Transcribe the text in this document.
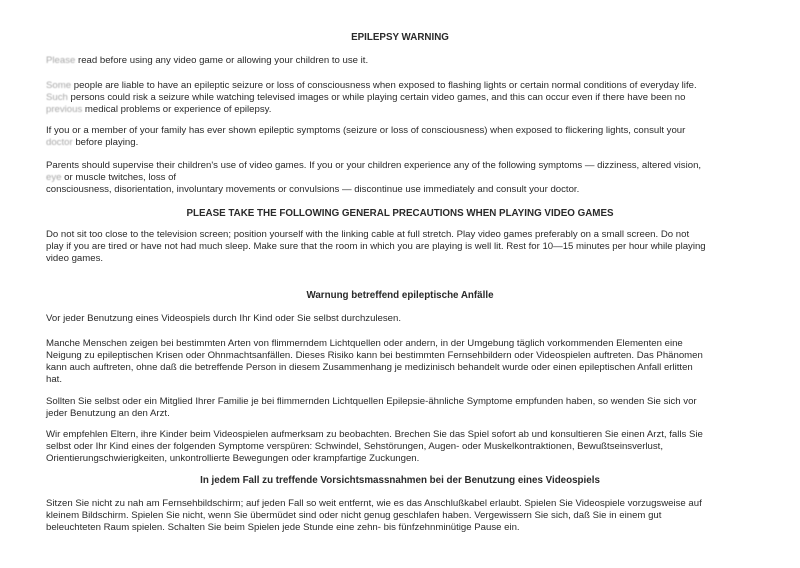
EPILEPSY WARNING

Please read before using any video game or allowing your children to use it.

Some people are liable to have an epileptic seizure or loss of consciousness when exposed to flashing lights or certain normal conditions of everyday life.

Such persons could risk a seizure while watching televised images or while playing certain video games, and this can occur even if there have been no

previous medical problems or experience of epilepsy.

If you or a member of your family has ever shown epileptic symptoms (seizure or loss of consciousness) when exposed to flickering lights, consult your

doctor before playing.

Parents should supervise their children's use of video games. If you or your children experience any of the following symptoms — dizziness, altered vision,

eye or muscle twitches, loss of

consciousness, disorientation, involuntary movements or convulsions — discontinue use immediately and consult your doctor.

PLEASE TAKE THE FOLLOWING GENERAL PRECAUTIONS WHEN PLAYING VIDEO GAMES

Do not sit too close to the television screen; position yourself with the linking cable at full stretch. Play video games preferably on a small screen. Do not

play if you are tired or have not had much sleep. Make sure that the room in which you are playing is well lit. Rest for 10—15 minutes per hour while playing

video games.

Warnung betreffend epileptische Anfälle

Vor jeder Benutzung eines Videospiels durch Ihr Kind oder Sie selbst durchzulesen.

Manche Menschen zeigen bei bestimmten Arten von flimmerndem Lichtquellen oder andern, in der Umgebung täglich vorkommenden Elementen eine

Neigung zu epileptischen Krisen oder Ohnmachtsanfällen. Dieses Risiko kann bei bestimmten Fernsehbildern oder Videospielen auftreten. Das Phänomen

kann auch auftreten, ohne daß die betreffende Person in diesem Zusammenhang je medizinisch behandelt wurde oder einen epileptischen Anfall erlitten

hat.

Sollten Sie selbst oder ein Mitglied Ihrer Familie je bei flimmernden Lichtquellen Epilepsie-ähnliche Symptome empfunden haben, so wenden Sie sich vor

jeder Benutzung an den Arzt.

Wir empfehlen Eltern, ihre Kinder beim Videospielen aufmerksam zu beobachten. Brechen Sie das Spiel sofort ab und konsultieren Sie einen Arzt, falls Sie

selbst oder Ihr Kind eines der folgenden Symptome verspüren: Schwindel, Sehstörungen, Augen- oder Muskelkontraktionen, Bewußtseinsverlust,

Orientierungschwierigkeiten, unkontrollierte Bewegungen oder krampfartige Zuckungen.

In jedem Fall zu treffende Vorsichtsmassnahmen bei der Benutzung eines Videospiels

Sitzen Sie nicht zu nah am Fernsehbildschirm; auf jeden Fall so weit entfernt, wie es das Anschlußkabel erlaubt. Spielen Sie Videospiele vorzugsweise auf

kleinem Bildschirm. Spielen Sie nicht, wenn Sie übermüdet sind oder nicht genug geschlafen haben. Vergewissern Sie sich, daß Sie in einem gut

beleuchteten Raum spielen. Schalten Sie beim Spielen jede Stunde eine zehn- bis fünfzehnminütige Pause ein.
